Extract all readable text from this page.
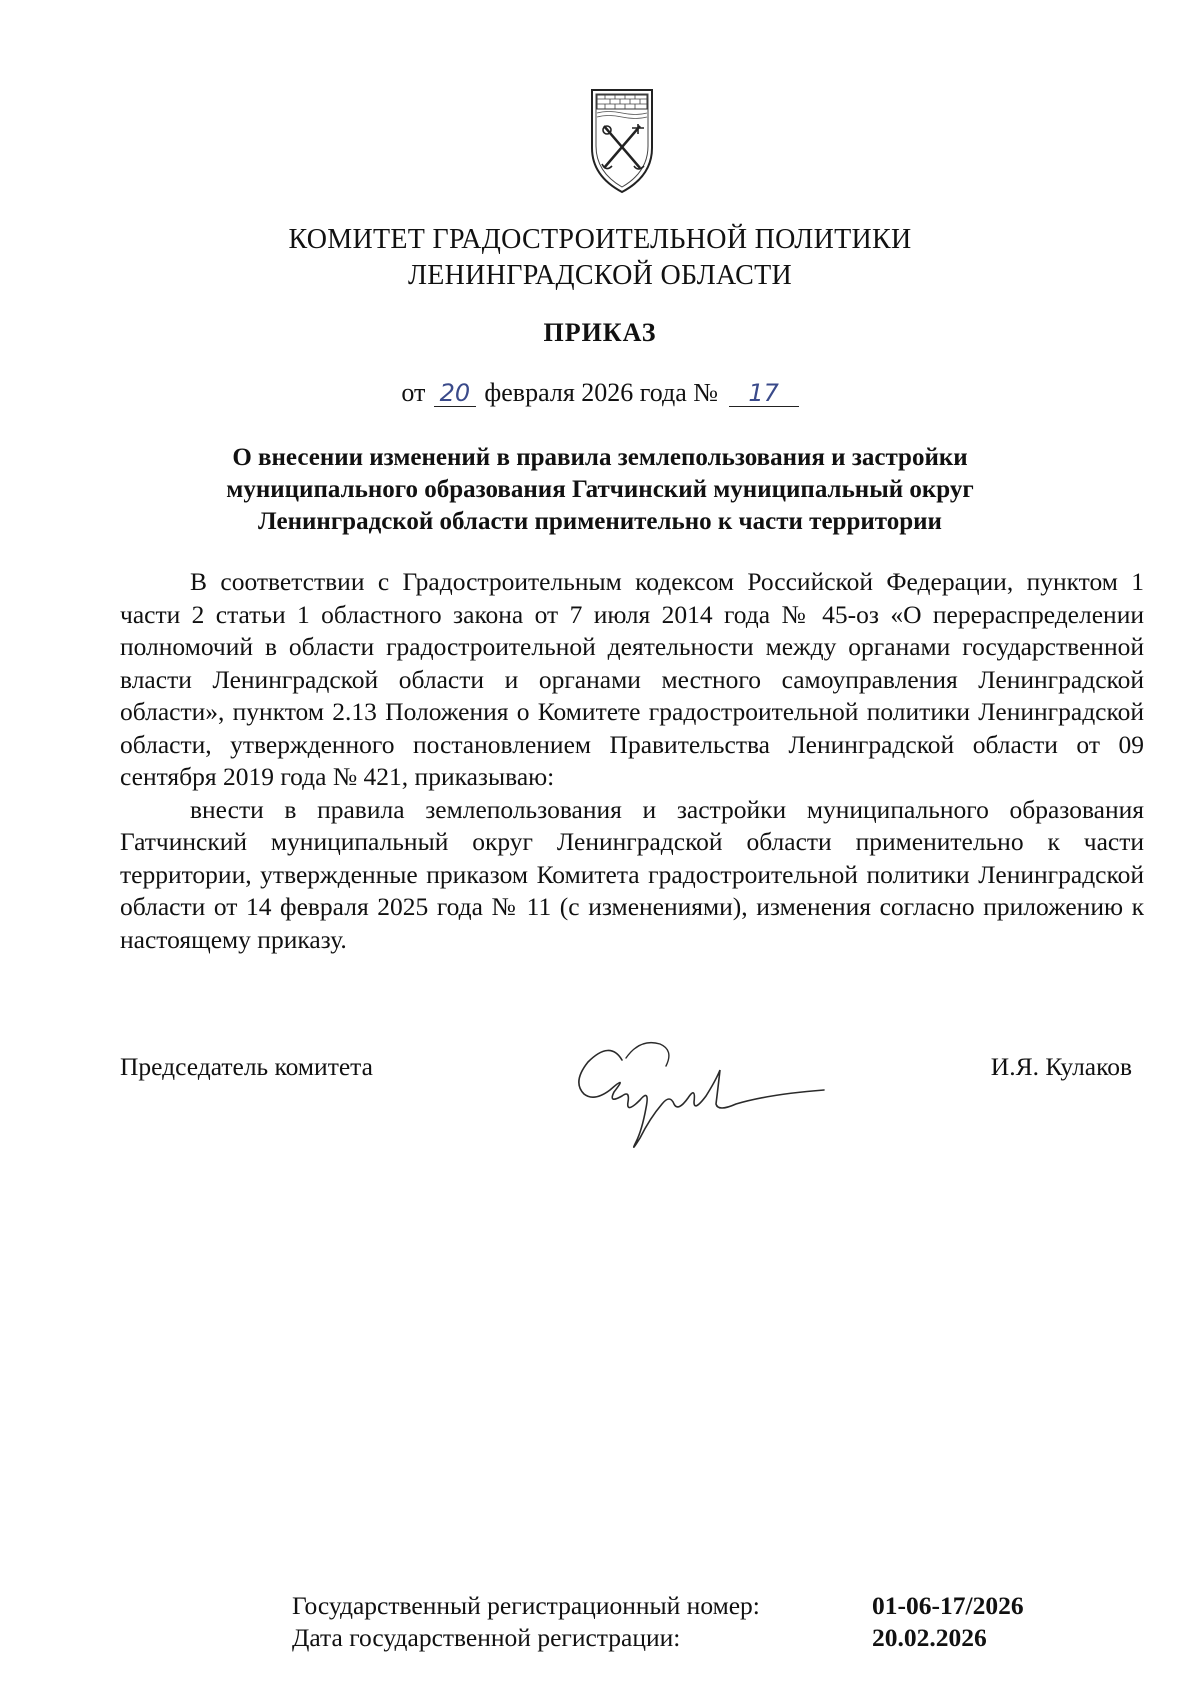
КОМИТЕТ ГРАДОСТРОИТЕЛЬНОЙ ПОЛИТИКИ
ЛЕНИНГРАДСКОЙ ОБЛАСТИ
ПРИКАЗ
от 20 февраля 2026 года № 17
О внесении изменений в правила землепользования и застройки
муниципального образования Гатчинский муниципальный округ
Ленинградской области применительно к части территории

В соответствии с Градостроительным кодексом Российской Федерации, пунктом 1 части 2 статьи 1 областного закона от 7 июля 2014 года № 45-оз «О перераспределении полномочий в области градостроительной деятельности между органами государственной власти Ленинградской области и органами местного самоуправления Ленинградской области», пунктом 2.13 Положения о Комитете градостроительной политики Ленинградской области, утвержденного постановлением Правительства Ленинградской области от 09 сентября 2019 года № 421, приказываю:

внести в правила землепользования и застройки муниципального образования Гатчинский муниципальный округ Ленинградской области применительно к части территории, утвержденные приказом Комитета градостроительной политики Ленинградской области от 14 февраля 2025 года № 11 (с изменениями), изменения согласно приложению к настоящему приказу.

Председатель комитета	И.Я. Кулаков
Государственный регистрационный номер:	01-06-17/2026
Дата государственной регистрации:	20.02.2026
